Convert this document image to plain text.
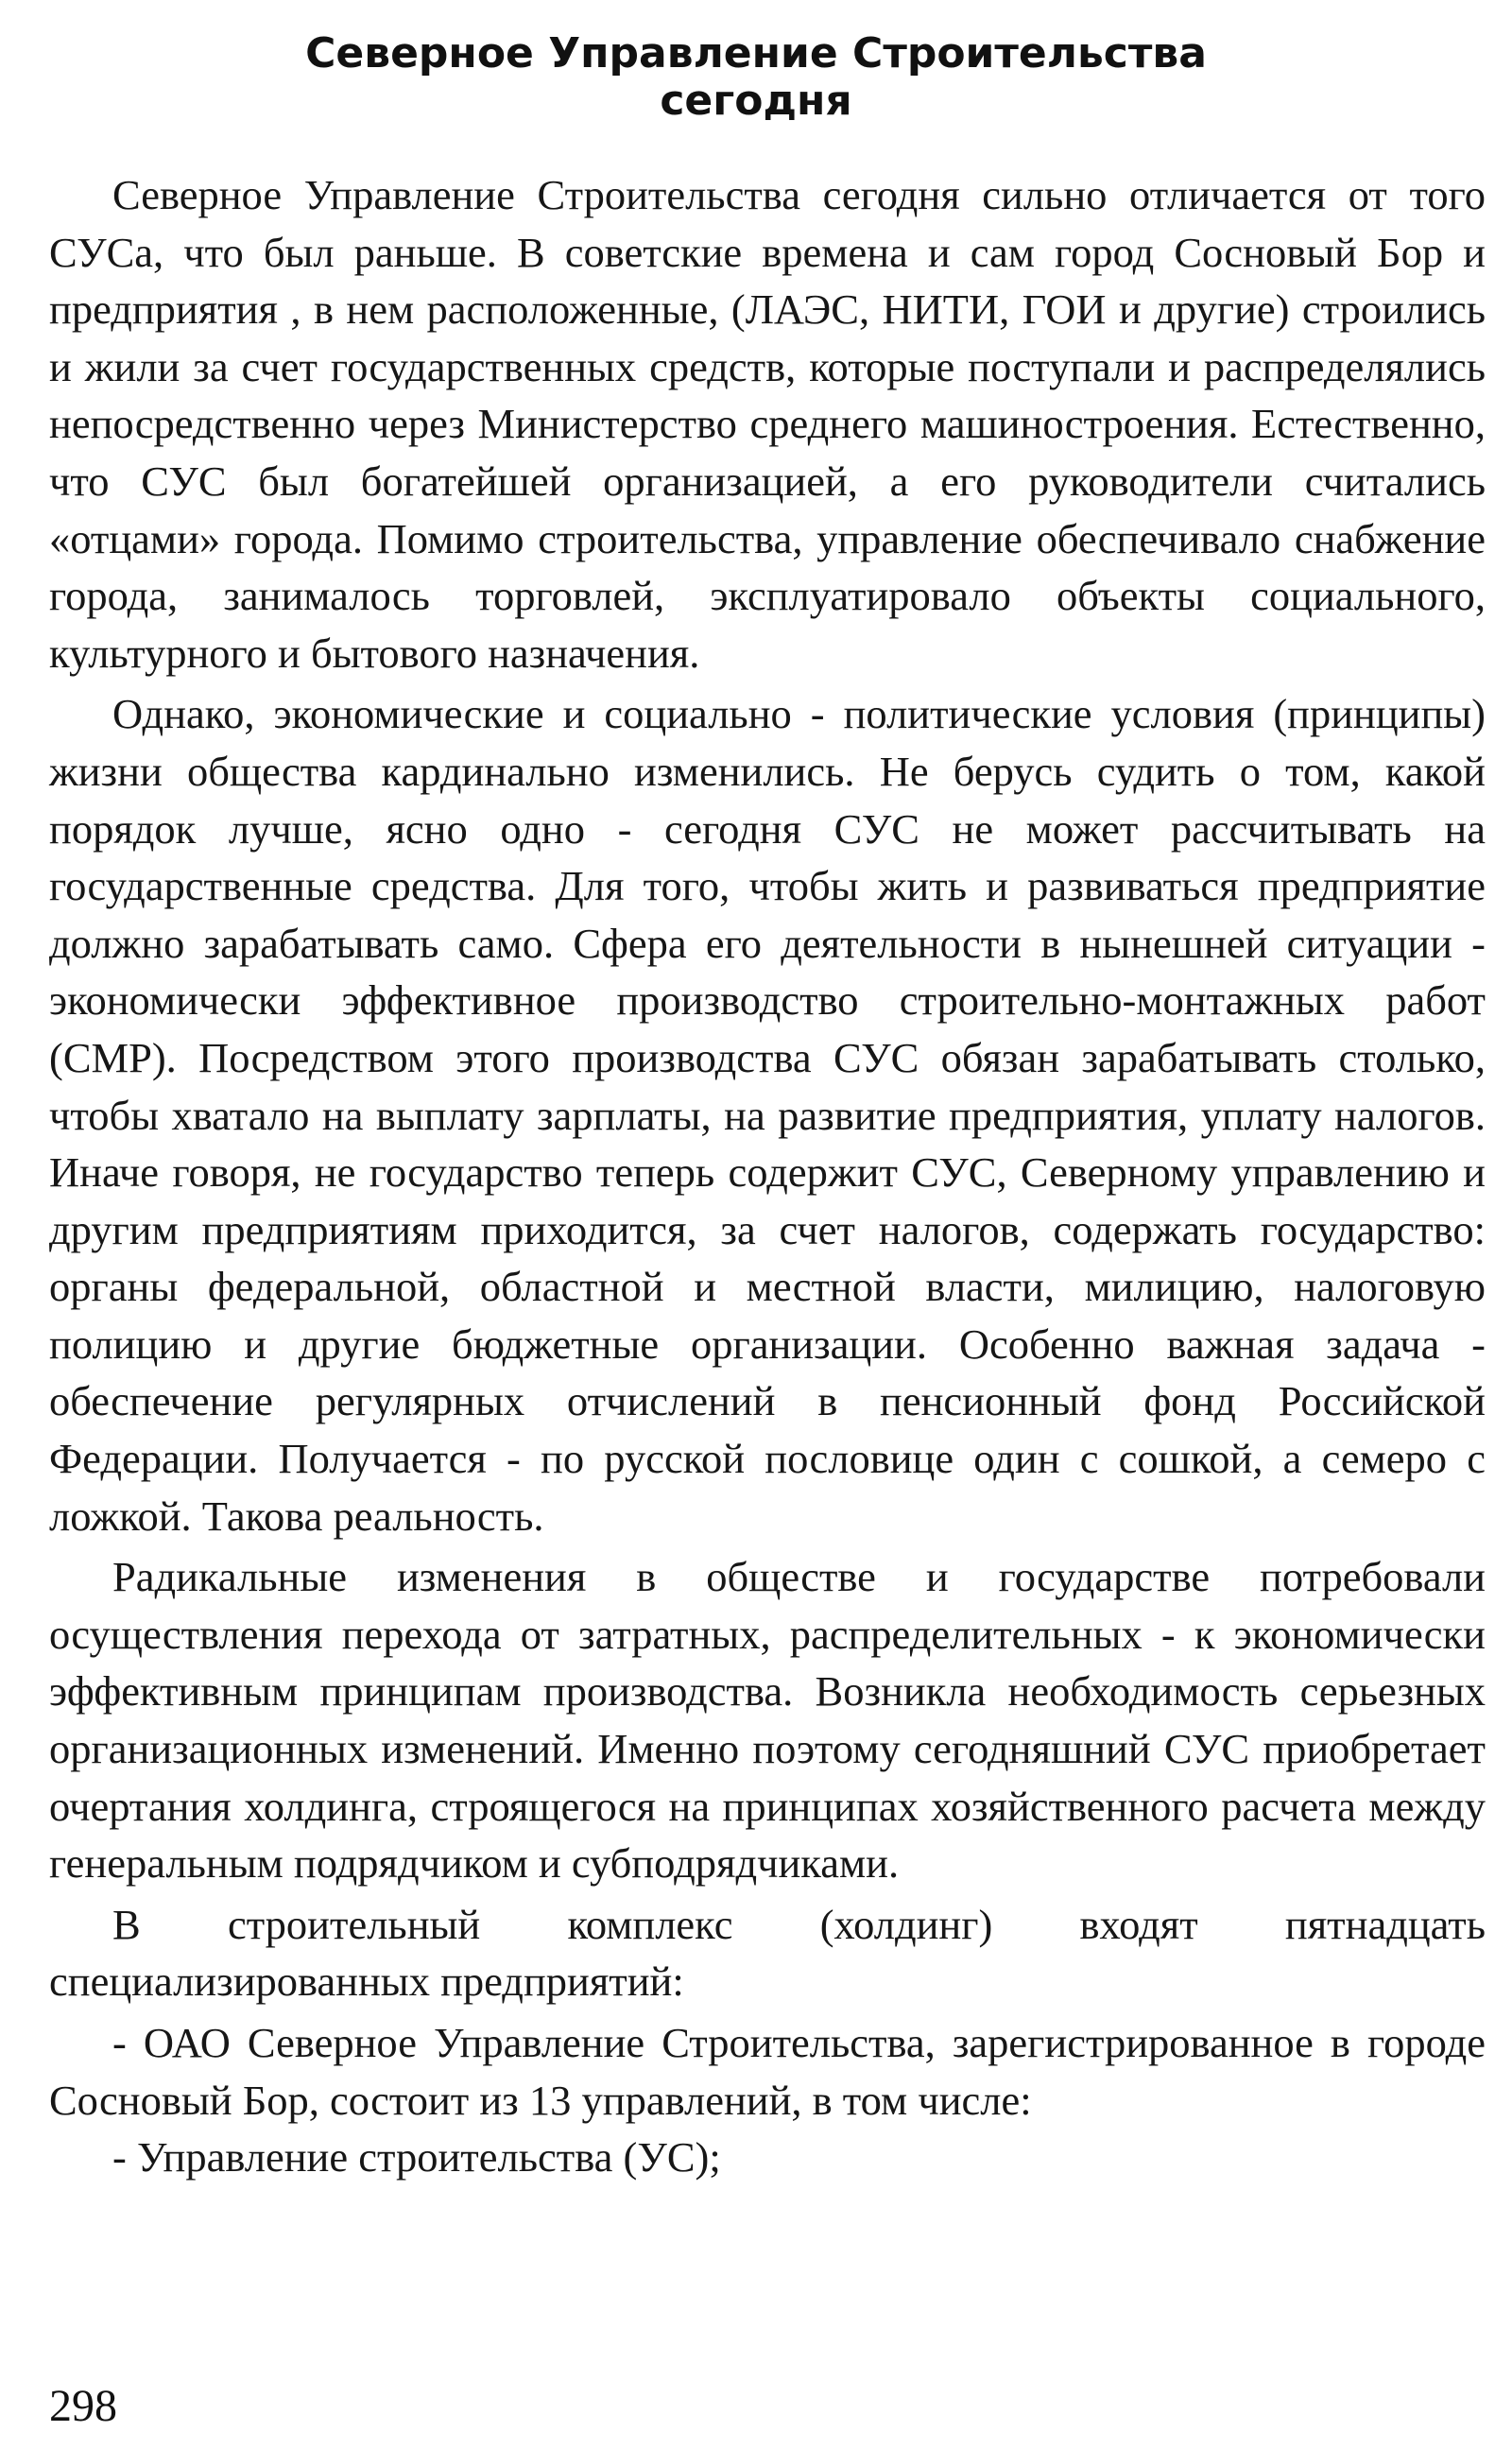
Северное Управление Строительства
сегодня

Северное Управление Строительства сегодня сильно отличается от того СУСа, что был раньше. В советские времена и сам город Сосновый Бор и предприятия , в нем расположенные, (ЛАЭС, НИТИ, ГОИ и другие) строились и жили за счет государственных средств, которые поступали и распределялись непосредственно через Министерство среднего машиностроения. Естественно, что СУС был богатейшей организацией, а его руководители считались «отцами» города. Помимо строительства, управление обеспечивало снабжение города, занималось торговлей, эксплуатировало объекты социального, культурного и бытового назначения.

Однако, экономические и социально - политические условия (принципы) жизни общества кардинально изменились. Не берусь судить о том, какой порядок лучше, ясно одно - сегодня СУС не может рассчитывать на государственные средства. Для того, чтобы жить и развиваться предприятие должно зарабатывать само. Сфера его деятельности в нынешней ситуации - экономически эффективное производство строительно-монтажных работ (СМР). Посредством этого производства СУС обязан зарабатывать столько, чтобы хватало на выплату зарплаты, на развитие предприятия, уплату налогов. Иначе говоря, не государство теперь содержит СУС, Северному управлению и другим предприятиям приходится, за счет налогов, содержать государство: органы федеральной, областной и местной власти, милицию, налоговую полицию и другие бюджетные организации. Особенно важная задача - обеспечение регулярных отчислений в пенсионный фонд Российской Федерации. Получается - по русской пословице один с сошкой, а семеро с ложкой. Такова реальность.

Радикальные изменения в обществе и государстве потребовали осуществления перехода от затратных, распределительных - к экономически эффективным принципам производства. Возникла необходимость серьезных организационных изменений. Именно поэтому сегодняшний СУС приобретает очертания холдинга, строящегося на принципах хозяйственного расчета между генеральным подрядчиком и субподрядчиками.

В строительный комплекс (холдинг) входят пятнадцать специализированных предприятий:

- ОАО Северное Управление Строительства, зарегистрированное в городе Сосновый Бор, состоит из 13 управлений, в том числе:

- Управление строительства (УС);

298
